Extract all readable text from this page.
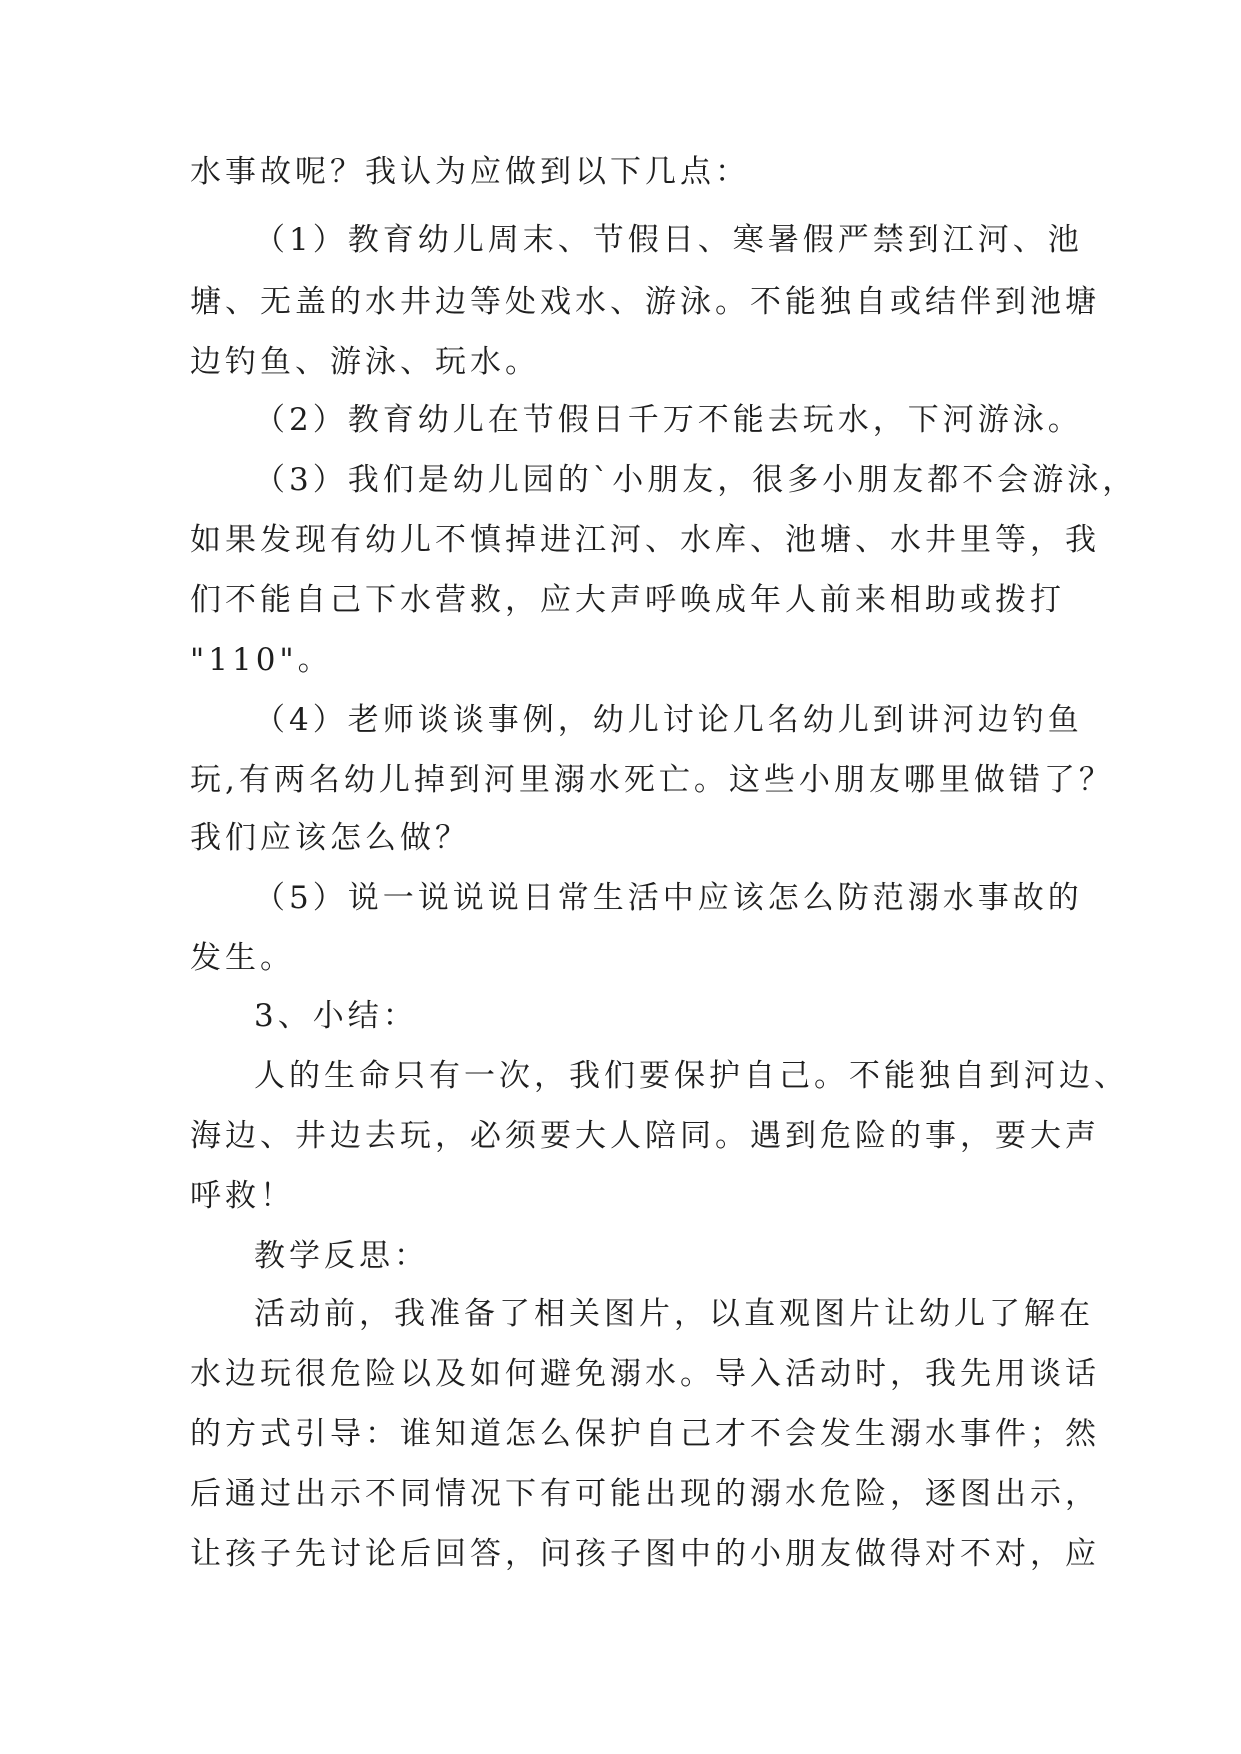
水事故呢？我认为应做到以下几点：
（1）教育幼儿周末、节假日、寒暑假严禁到江河、池
塘、无盖的水井边等处戏水、游泳。不能独自或结伴到池塘
边钓鱼、游泳、玩水。
（2）教育幼儿在节假日千万不能去玩水，下河游泳。
（3）我们是幼儿园的`小朋友，很多小朋友都不会游泳，
如果发现有幼儿不慎掉进江河、水库、池塘、水井里等，我
们不能自己下水营救，应大声呼唤成年人前来相助或拨打
"110"。
（4）老师谈谈事例，幼儿讨论几名幼儿到讲河边钓鱼
玩,有两名幼儿掉到河里溺水死亡。这些小朋友哪里做错了？
我们应该怎么做？
（5）说一说说说日常生活中应该怎么防范溺水事故的
发生。
3、小结：
人的生命只有一次，我们要保护自己。不能独自到河边、
海边、井边去玩，必须要大人陪同。遇到危险的事，要大声
呼救！
教学反思：
活动前，我准备了相关图片，以直观图片让幼儿了解在
水边玩很危险以及如何避免溺水。导入活动时，我先用谈话
的方式引导：谁知道怎么保护自己才不会发生溺水事件；然
后通过出示不同情况下有可能出现的溺水危险，逐图出示，
让孩子先讨论后回答，问孩子图中的小朋友做得对不对，应
